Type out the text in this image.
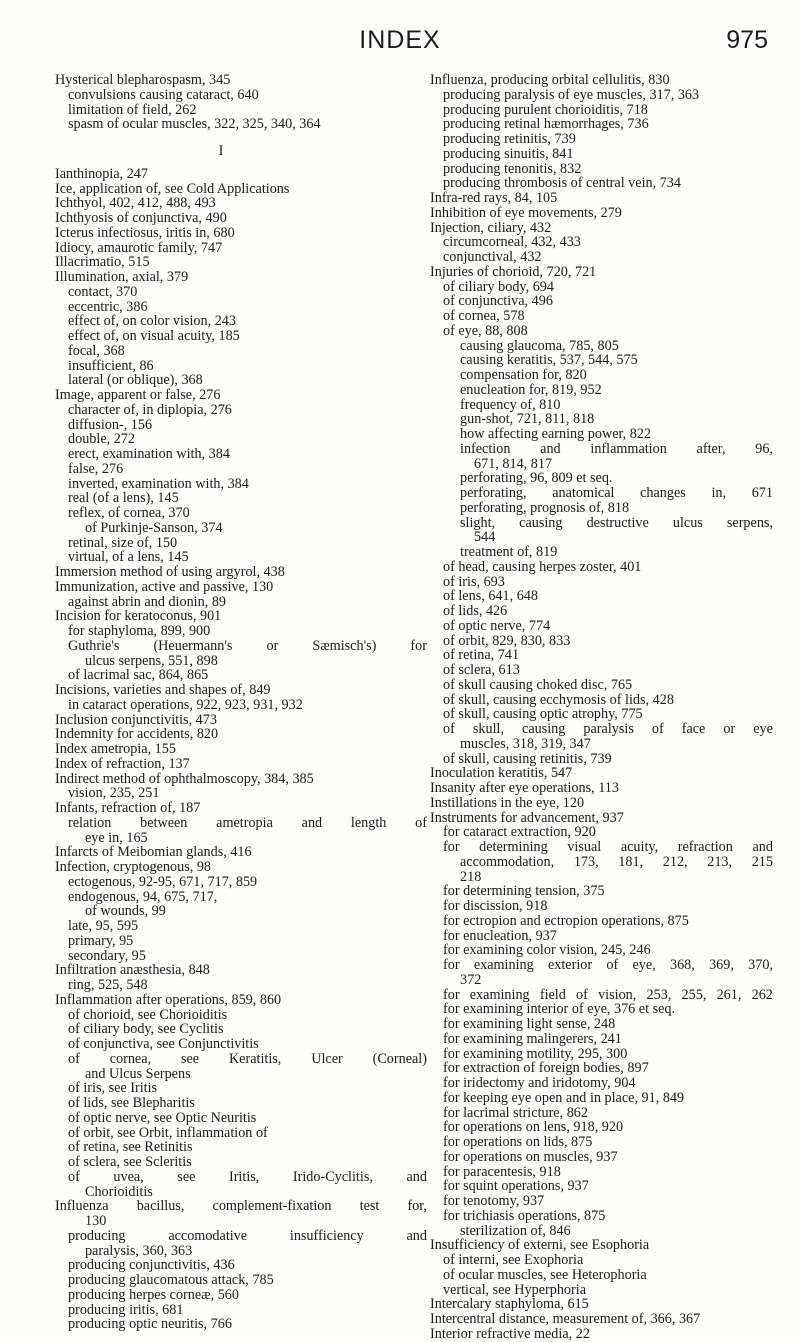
INDEX	975
Hysterical blepharospasm, 345
convulsions causing cataract, 640
limitation of field, 262
spasm of ocular muscles, 322, 325, 340, 364
I
Ianthinopia, 247
Ice, application of, see Cold Applications
Ichthyol, 402, 412, 488, 493
Ichthyosis of conjunctiva, 490
Icterus infectiosus, iritis in, 680
Idiocy, amaurotic family, 747
Illacrimatio, 515
Illumination, axial, 379
contact, 370
eccentric, 386
effect of, on color vision, 243
effect of, on visual acuity, 185
focal, 368
insufficient, 86
lateral (or oblique), 368
Image, apparent or false, 276
character of, in diplopia, 276
diffusion-, 156
double, 272
erect, examination with, 384
false, 276
inverted, examination with, 384
real (of a lens), 145
reflex, of cornea, 370
of Purkinje-Sanson, 374
retinal, size of, 150
virtual, of a lens, 145
Immersion method of using argyrol, 438
Immunization, active and passive, 130
against abrin and dionin, 89
Incision for keratoconus, 901
for staphyloma, 899, 900
Guthrie's (Heuermann's or Sæmisch's) for
ulcus serpens, 551, 898
of lacrimal sac, 864, 865
Incisions, varieties and shapes of, 849
in cataract operations, 922, 923, 931, 932
Inclusion conjunctivitis, 473
Indemnity for accidents, 820
Index ametropia, 155
Index of refraction, 137
Indirect method of ophthalmoscopy, 384, 385
vision, 235, 251
Infants, refraction of, 187
relation between ametropia and length of
eye in, 165
Infarcts of Meibomian glands, 416
Infection, cryptogenous, 98
ectogenous, 92-95, 671, 717, 859
endogenous, 94, 675, 717,
of wounds, 99
late, 95, 595
primary, 95
secondary, 95
Infiltration anæsthesia, 848
ring, 525, 548
Inflammation after operations, 859, 860
of chorioid, see Chorioiditis
of ciliary body, see Cyclitis
of conjunctiva, see Conjunctivitis
of cornea, see Keratitis, Ulcer (Corneal)
and Ulcus Serpens
of iris, see Iritis
of lids, see Blepharitis
of optic nerve, see Optic Neuritis
of orbit, see Orbit, inflammation of
of retina, see Retinitis
of sclera, see Scleritis
of uvea, see Iritis, Irido-Cyclitis, and
Chorioiditis
Influenza bacillus, complement-fixation test for,
130
producing	accomodative	insufficiency	and
paralysis, 360, 363
producing conjunctivitis, 436
producing glaucomatous attack, 785
producing herpes corneæ, 560
producing iritis, 681
producing optic neuritis, 766
Influenza, producing orbital cellulitis, 830
producing paralysis of eye muscles, 317, 363
producing purulent chorioiditis, 718
producing retinal hæmorrhages, 736
producing retinitis, 739
producing sinuitis, 841
producing tenonitis, 832
producing thrombosis of central vein, 734
Infra-red rays, 84, 105
Inhibition of eye movements, 279
Injection, ciliary, 432
circumcorneal, 432, 433
conjunctival, 432
Injuries of chorioid, 720, 721
of ciliary body, 694
of conjunctiva, 496
of cornea, 578
of eye, 88, 808
causing glaucoma, 785, 805
causing keratitis, 537, 544, 575
compensation for, 820
enucleation for, 819, 952
frequency of, 810
gun-shot, 721, 811, 818
how affecting earning power, 822
infection and inflammation after, 96,
671, 814, 817
perforating, 96, 809 et seq.
perforating, anatomical changes in, 671
perforating, prognosis of, 818
slight, causing destructive ulcus serpens,
544
treatment of, 819
of head, causing herpes zoster, 401
of iris, 693
of lens, 641, 648
of lids, 426
of optic nerve, 774
of orbit, 829, 830, 833
of retina, 741
of sclera, 613
of skull causing choked disc, 765
of skull, causing ecchymosis of lids, 428
of skull, causing optic atrophy, 775
of skull, causing paralysis of face or eye
muscles, 318, 319, 347
of skull, causing retinitis, 739
Inoculation keratitis, 547
Insanity after eye operations, 113
Instillations in the eye, 120
Instruments for advancement, 937
for cataract extraction, 920
for determining visual acuity, refraction and
accommodation, 173, 181, 212, 213, 215
218
for determining tension, 375
for discission, 918
for ectropion and ectropion operations, 875
for enucleation, 937
for examining color vision, 245, 246
for examining exterior of eye, 368, 369, 370,
372
for examining field of vision, 253, 255, 261, 262
for examining interior of eye, 376 et seq.
for examining light sense, 248
for examining malingerers, 241
for examining motility, 295, 300
for extraction of foreign bodies, 897
for iridectomy and iridotomy, 904
for keeping eye open and in place, 91, 849
for lacrimal stricture, 862
for operations on lens, 918, 920
for operations on lids, 875
for operations on muscles, 937
for paracentesis, 918
for squint operations, 937
for tenotomy, 937
for trichiasis operations, 875
sterilization of, 846
Insufficiency of externi, see Esophoria
of interni, see Exophoria
of ocular muscles, see Heterophoria
vertical, see Hyperphoria
Intercalary staphyloma, 615
Intercentral distance, measurement of, 366, 367
Interior refractive media, 22
